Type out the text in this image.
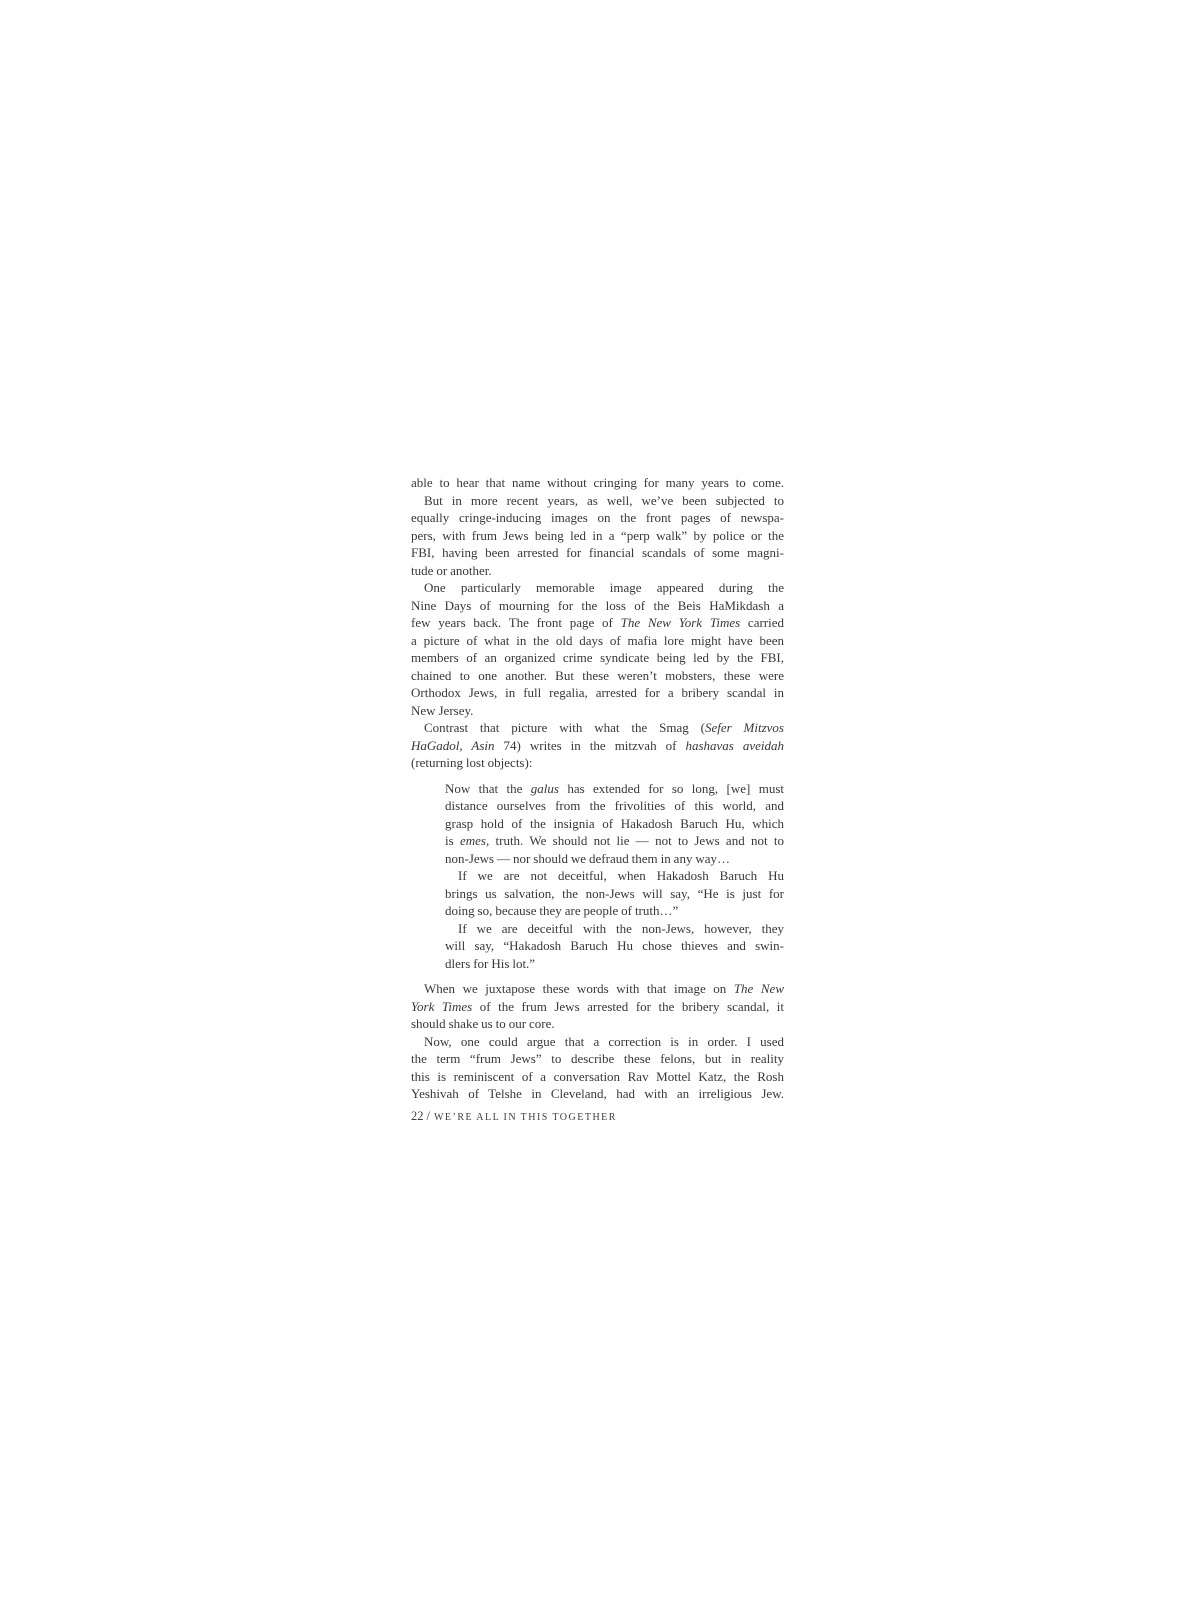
able to hear that name without cringing for many years to come.
But in more recent years, as well, we’ve been subjected to
equally cringe-inducing images on the front pages of newspa-
pers, with frum Jews being led in a “perp walk” by police or the
FBI, having been arrested for financial scandals of some magni-
tude or another.
One particularly memorable image appeared during the
Nine Days of mourning for the loss of the Beis HaMikdash a
few years back. The front page of The New York Times carried
a picture of what in the old days of mafia lore might have been
members of an organized crime syndicate being led by the FBI,
chained to one another. But these weren’t mobsters, these were
Orthodox Jews, in full regalia, arrested for a bribery scandal in
New Jersey.
Contrast that picture with what the Smag (Sefer Mitzvos
HaGadol, Asin 74) writes in the mitzvah of hashavas aveidah
(returning lost objects):
Now that the galus has extended for so long, [we] must
distance ourselves from the frivolities of this world, and
grasp hold of the insignia of Hakadosh Baruch Hu, which
is emes, truth. We should not lie — not to Jews and not to
non-Jews — nor should we defraud them in any way…
If we are not deceitful, when Hakadosh Baruch Hu
brings us salvation, the non-Jews will say, “He is just for
doing so, because they are people of truth…”
If we are deceitful with the non-Jews, however, they
will say, “Hakadosh Baruch Hu chose thieves and swin-
dlers for His lot.”
When we juxtapose these words with that image on The New
York Times of the frum Jews arrested for the bribery scandal, it
should shake us to our core.
Now, one could argue that a correction is in order. I used
the term “frum Jews” to describe these felons, but in reality
this is reminiscent of a conversation Rav Mottel Katz, the Rosh
Yeshivah of Telshe in Cleveland, had with an irreligious Jew.
22 / WE’RE ALL IN THIS TOGETHER
